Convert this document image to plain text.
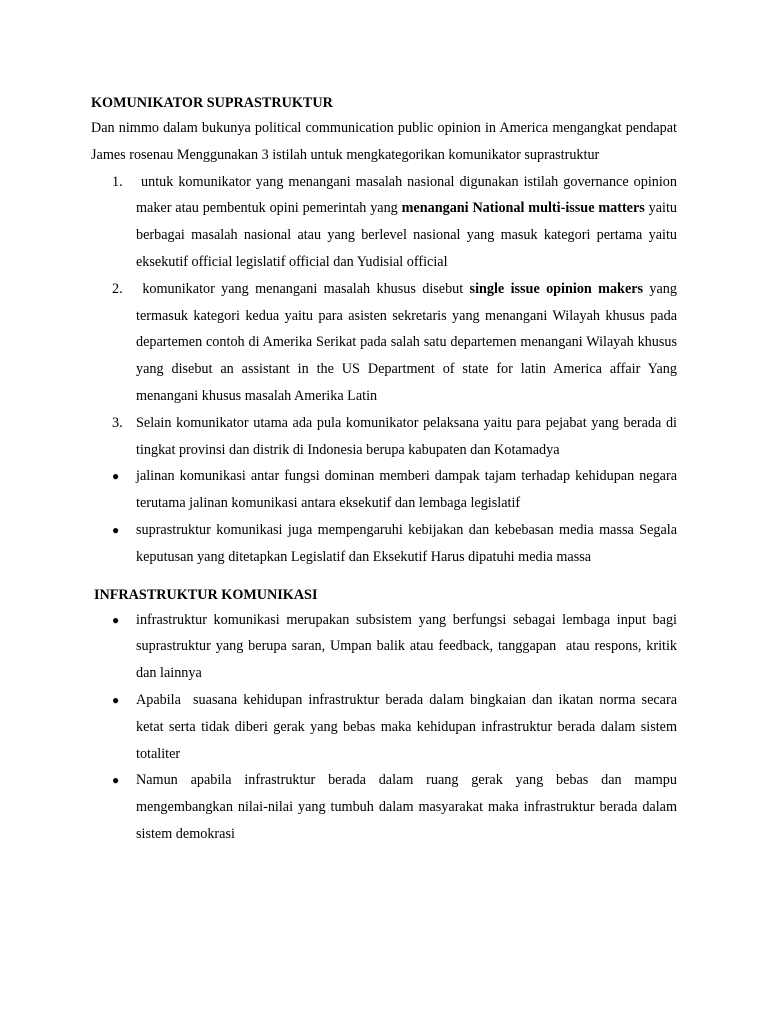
KOMUNIKATOR SUPRASTRUKTUR

Dan nimmo dalam bukunya political communication public opinion in America mengangkat pendapat James rosenau Menggunakan 3 istilah untuk mengkategorikan komunikator suprastruktur

1. untuk komunikator yang menangani masalah nasional digunakan istilah governance opinion maker atau pembentuk opini pemerintah yang menangani National multi-issue matters yaitu berbagai masalah nasional atau yang berlevel nasional yang masuk kategori pertama yaitu eksekutif official legislatif official dan Yudisial official
2. komunikator yang menangani masalah khusus disebut single issue opinion makers yang termasuk kategori kedua yaitu para asisten sekretaris yang menangani Wilayah khusus pada departemen contoh di Amerika Serikat pada salah satu departemen menangani Wilayah khusus yang disebut an assistant in the US Department of state for latin America affair Yang menangani khusus masalah Amerika Latin
3. Selain komunikator utama ada pula komunikator pelaksana yaitu para pejabat yang berada di tingkat provinsi dan distrik di Indonesia berupa kabupaten dan Kotamadya
● jalinan komunikasi antar fungsi dominan memberi dampak tajam terhadap kehidupan negara terutama jalinan komunikasi antara eksekutif dan lembaga legislatif
● suprastruktur komunikasi juga mempengaruhi kebijakan dan kebebasan media massa Segala keputusan yang ditetapkan Legislatif dan Eksekutif Harus dipatuhi media massa
INFRASTRUKTUR KOMUNIKASI
● infrastruktur komunikasi merupakan subsistem yang berfungsi sebagai lembaga input bagi suprastruktur yang berupa saran, Umpan balik atau feedback, tanggapan  atau respons, kritik dan lainnya
● Apabila  suasana kehidupan infrastruktur berada dalam bingkaian dan ikatan norma secara ketat serta tidak diberi gerak yang bebas maka kehidupan infrastruktur berada dalam sistem totaliter
● Namun apabila infrastruktur berada dalam ruang gerak yang bebas dan mampu mengembangkan nilai-nilai yang tumbuh dalam masyarakat maka infrastruktur berada dalam sistem demokrasi
